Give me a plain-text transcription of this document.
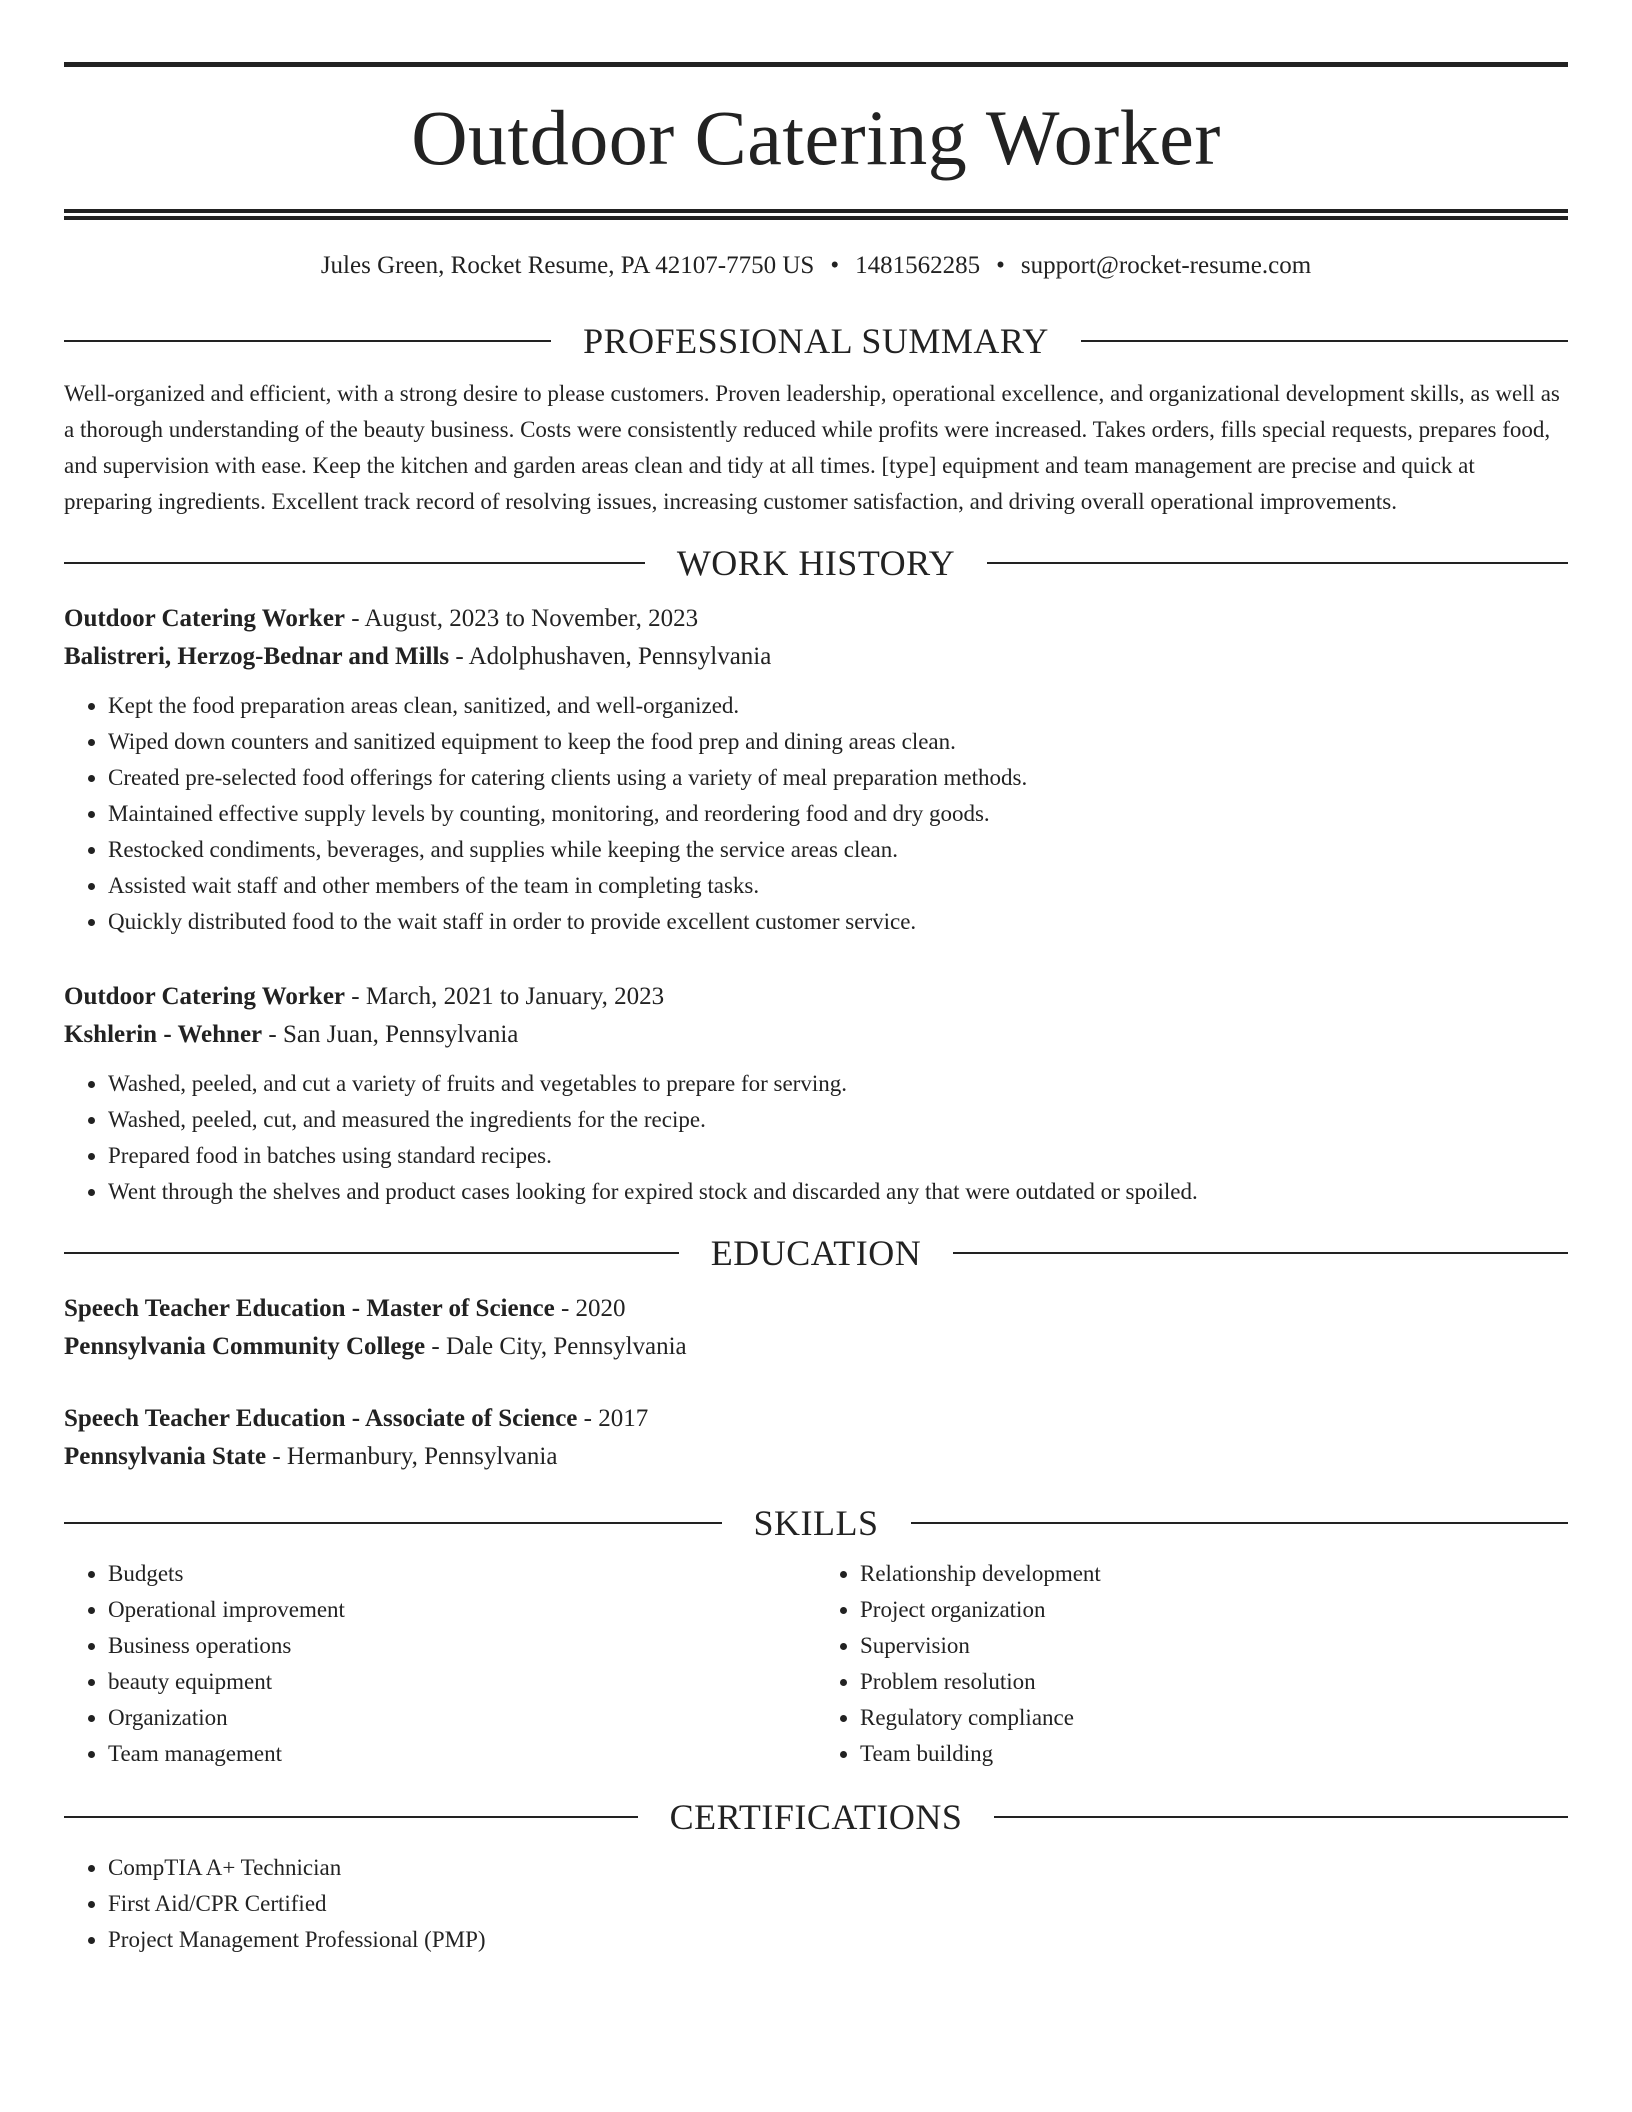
Outdoor Catering Worker
Jules Green, Rocket Resume, PA 42107-7750 US • 1481562285 • support@rocket-resume.com
PROFESSIONAL SUMMARY

Well-organized and efficient, with a strong desire to please customers. Proven leadership, operational excellence, and organizational development skills, as well as a thorough understanding of the beauty business. Costs were consistently reduced while profits were increased. Takes orders, fills special requests, prepares food, and supervision with ease. Keep the kitchen and garden areas clean and tidy at all times. [type] equipment and team management are precise and quick at preparing ingredients. Excellent track record of resolving issues, increasing customer satisfaction, and driving overall operational improvements.

WORK HISTORY
Outdoor Catering Worker - August, 2023 to November, 2023
Balistreri, Herzog-Bednar and Mills - Adolphushaven, Pennsylvania
• Kept the food preparation areas clean, sanitized, and well-organized.
• Wiped down counters and sanitized equipment to keep the food prep and dining areas clean.
• Created pre-selected food offerings for catering clients using a variety of meal preparation methods.
• Maintained effective supply levels by counting, monitoring, and reordering food and dry goods.
• Restocked condiments, beverages, and supplies while keeping the service areas clean.
• Assisted wait staff and other members of the team in completing tasks.
• Quickly distributed food to the wait staff in order to provide excellent customer service.
Outdoor Catering Worker - March, 2021 to January, 2023
Kshlerin - Wehner - San Juan, Pennsylvania
• Washed, peeled, and cut a variety of fruits and vegetables to prepare for serving.
• Washed, peeled, cut, and measured the ingredients for the recipe.
• Prepared food in batches using standard recipes.
• Went through the shelves and product cases looking for expired stock and discarded any that were outdated or spoiled.
EDUCATION
Speech Teacher Education - Master of Science - 2020
Pennsylvania Community College - Dale City, Pennsylvania
Speech Teacher Education - Associate of Science - 2017
Pennsylvania State - Hermanbury, Pennsylvania
SKILLS
• Budgets
• Operational improvement
• Business operations
• beauty equipment
• Organization
• Team management
• Relationship development
• Project organization
• Supervision
• Problem resolution
• Regulatory compliance
• Team building
CERTIFICATIONS
• CompTIA A+ Technician
• First Aid/CPR Certified
• Project Management Professional (PMP)
